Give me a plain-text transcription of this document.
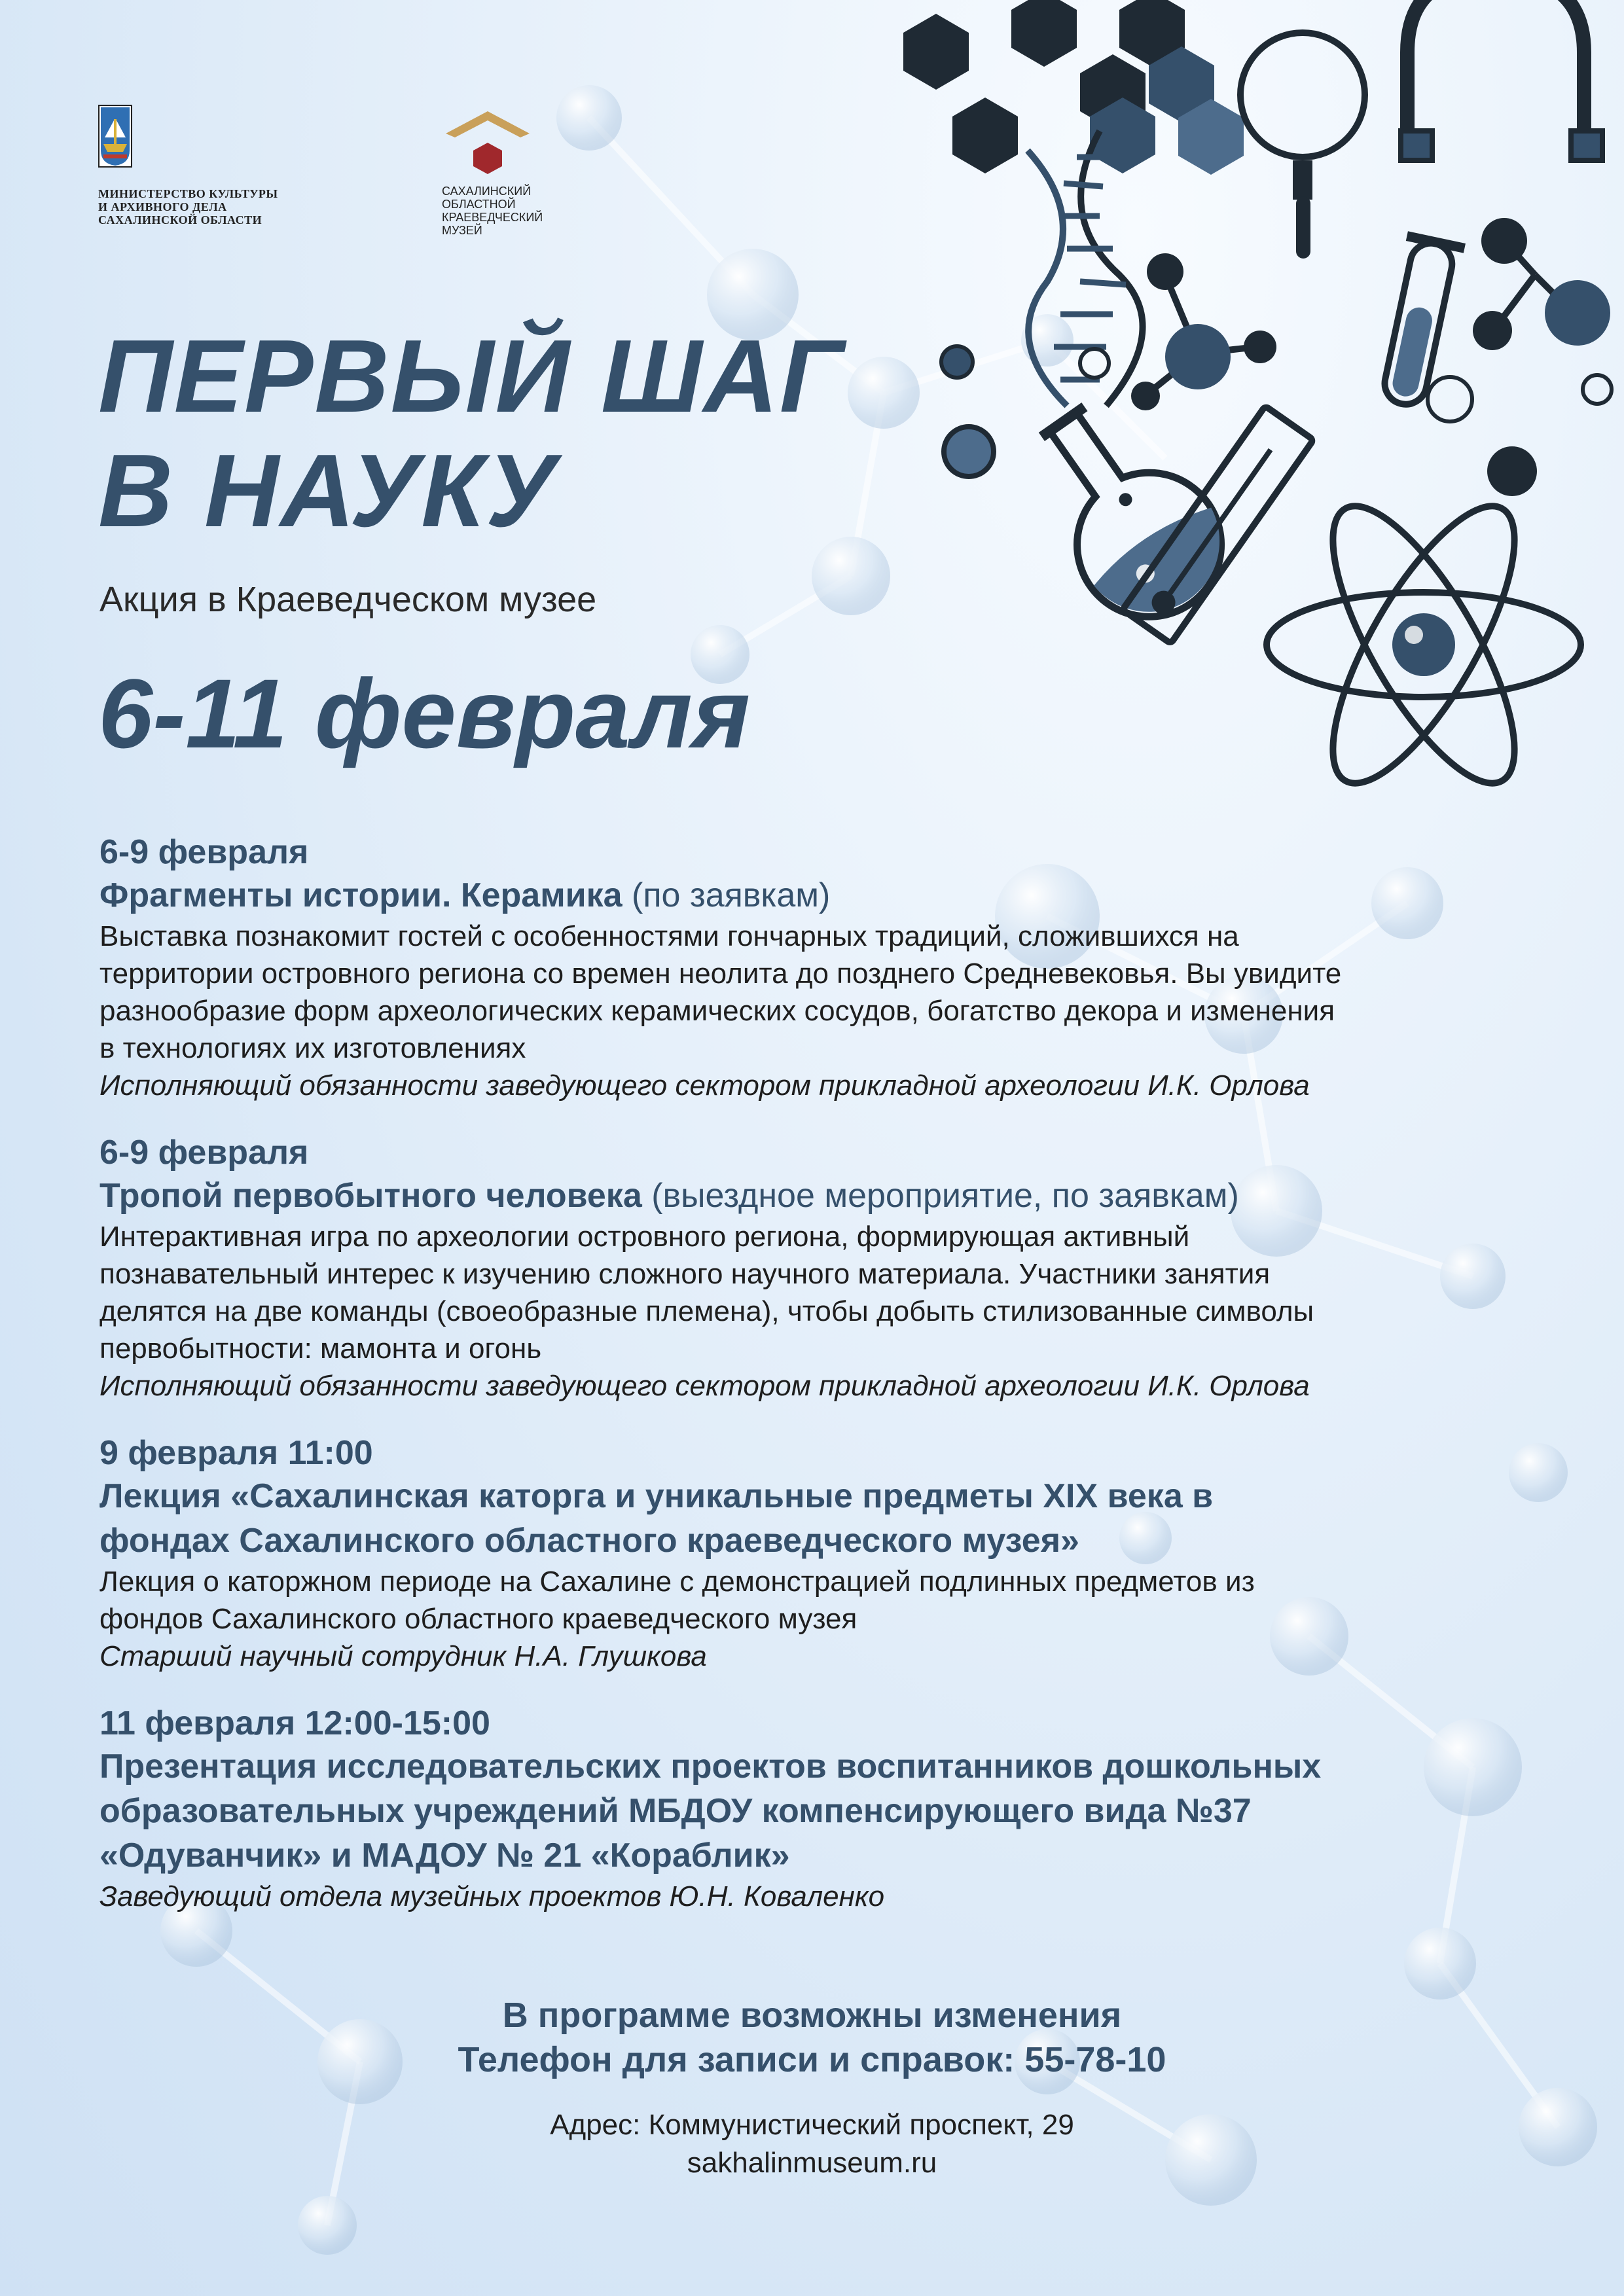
МИНИСТЕРСТВО КУЛЬТУРЫ
И АРХИВНОГО ДЕЛА
САХАЛИНСКОЙ ОБЛАСТИ
САХАЛИНСКИЙ
ОБЛАСТНОЙ
КРАЕВЕДЧЕСКИЙ
МУЗЕЙ
ПЕРВЫЙ ШАГ
В НАУКУ
Акция в Краеведческом музее
6-11 февраля
6-9 февраля
Фрагменты истории. Керамика (по заявкам)
Выставка познакомит гостей с особенностями гончарных традиций, сложившихся на
территории островного региона со времен неолита до позднего Средневековья. Вы увидите
разнообразие форм археологических керамических сосудов, богатство декора и изменения
в технологиях их изготовлениях
Исполняющий обязанности заведующего сектором прикладной археологии И.К. Орлова
6-9 февраля
Тропой первобытного человека (выездное мероприятие, по заявкам)
Интерактивная игра по археологии островного региона, формирующая активный
познавательный интерес к изучению сложного научного материала. Участники занятия
делятся на две команды (своеобразные племена), чтобы добыть стилизованные символы
первобытности: мамонта и огонь
Исполняющий обязанности заведующего сектором прикладной археологии И.К. Орлова
9 февраля 11:00
Лекция «Сахалинская каторга и уникальные предметы XIX века в
фондах Сахалинского областного краеведческого музея»
Лекция о каторжном периоде на Сахалине с демонстрацией подлинных предметов из
фондов Сахалинского областного краеведческого музея
Старший научный сотрудник Н.А. Глушкова
11 февраля 12:00-15:00
Презентация исследовательских проектов воспитанников дошкольных
образовательных учреждений МБДОУ компенсирующего вида №37
«Одуванчик» и МАДОУ № 21 «Кораблик»
Заведующий отдела музейных проектов Ю.Н. Коваленко
В программе возможны изменения
Телефон для записи и справок: 55-78-10
Адрес: Коммунистический проспект, 29
sakhalinmuseum.ru
